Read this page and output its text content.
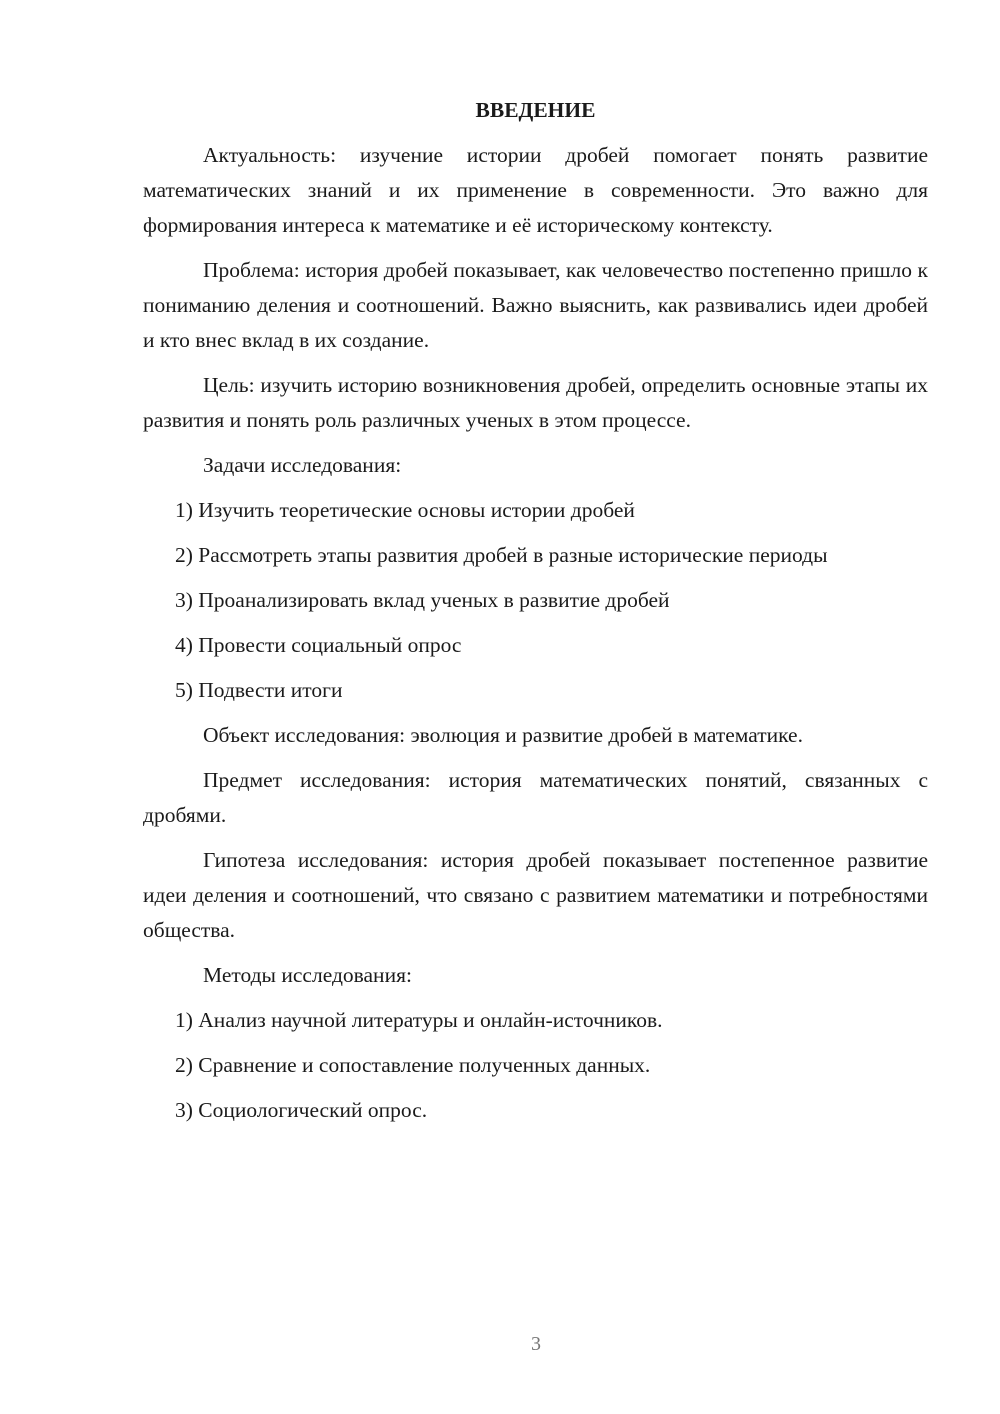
ВВЕДЕНИЕ

Актуальность: изучение истории дробей помогает понять развитие математических знаний и их применение в современности. Это важно для формирования интереса к математике и её историческому контексту.

Проблема: история дробей показывает, как человечество постепенно пришло к пониманию деления и соотношений. Важно выяснить, как развивались идеи дробей и кто внес вклад в их создание.

Цель: изучить историю возникновения дробей, определить основные этапы их развития и понять роль различных ученых в этом процессе.

Задачи исследования:

1) Изучить теоретические основы истории дробей
2) Рассмотреть этапы развития дробей в разные исторические периоды
3) Проанализировать вклад ученых в развитие дробей
4) Провести социальный опрос
5) Подвести итоги

Объект исследования: эволюция и развитие дробей в математике.

Предмет исследования: история математических понятий, связанных с дробями.

Гипотеза исследования: история дробей показывает постепенное развитие идеи деления и соотношений, что связано с развитием математики и потребностями общества.

Методы исследования:

1) Анализ научной литературы и онлайн-источников.
2) Сравнение и сопоставление полученных данных.
3) Социологический опрос.
3
